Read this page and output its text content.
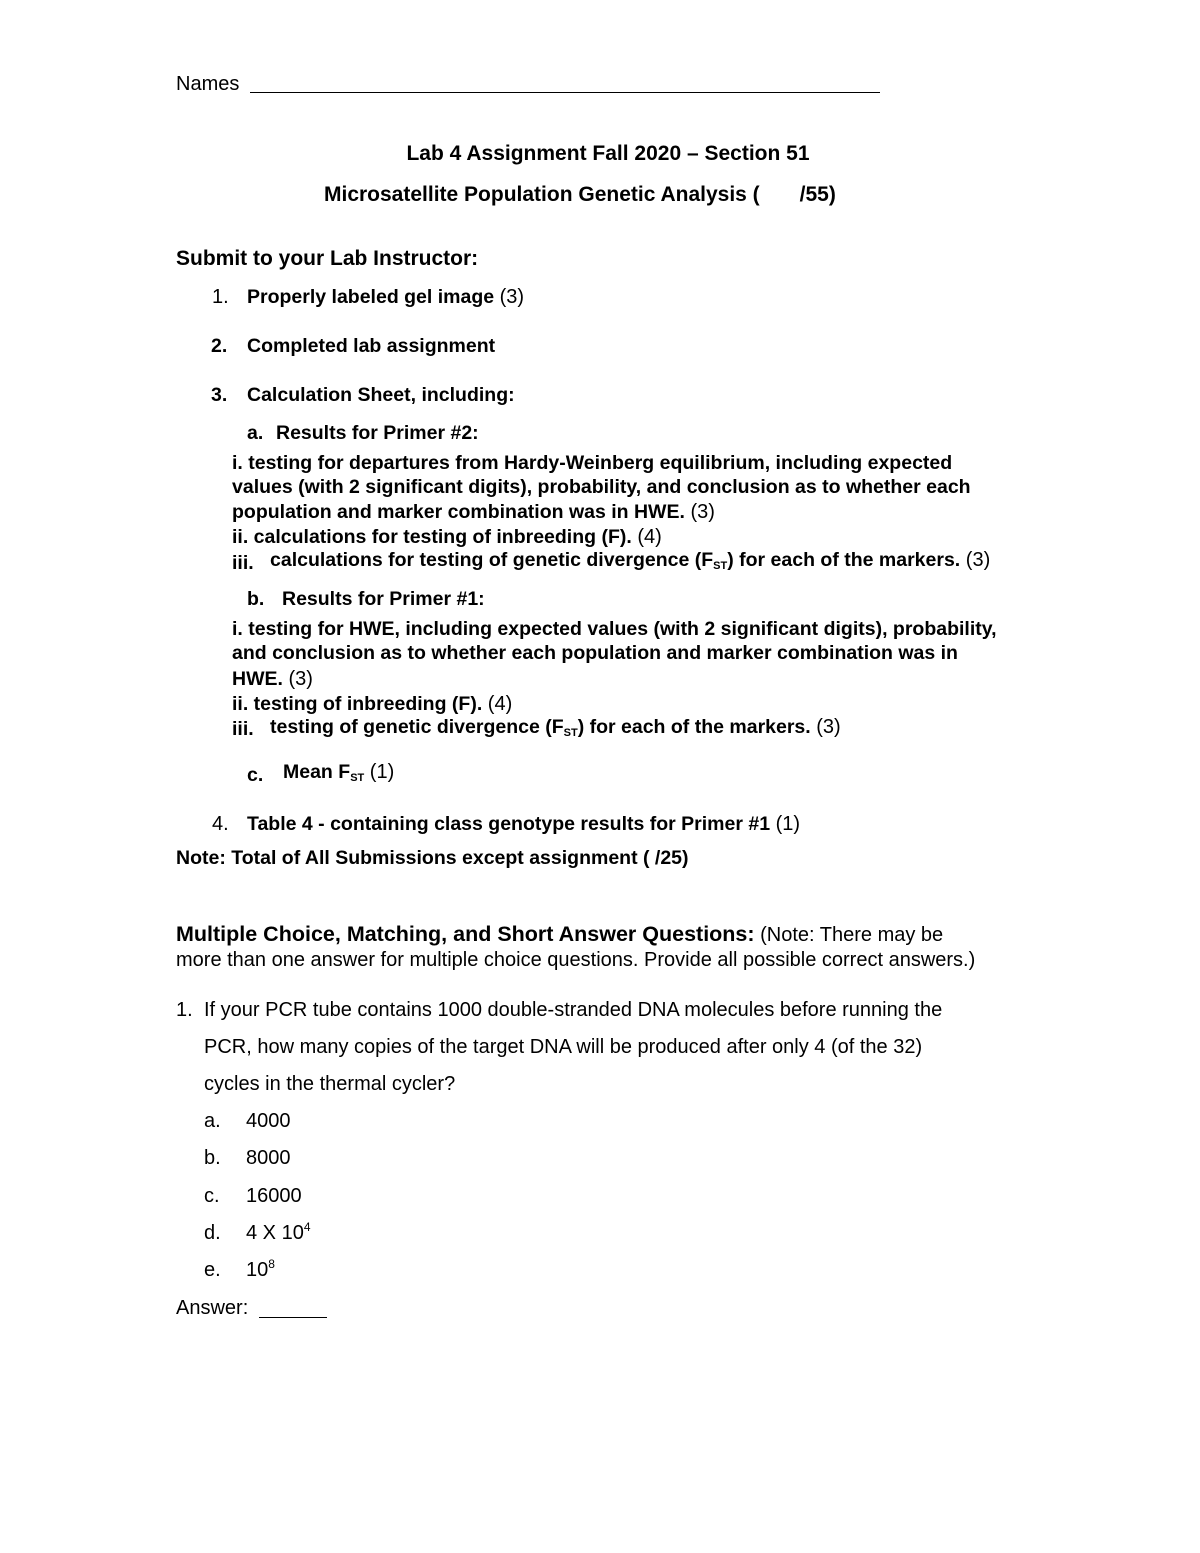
Names
Lab 4 Assignment Fall 2020 – Section 51
Microsatellite Population Genetic Analysis ( /55)
Submit to your Lab Instructor:
1. Properly labeled gel image (3)
2. Completed lab assignment
3. Calculation Sheet, including:
a. Results for Primer #2:
i. testing for departures from Hardy-Weinberg equilibrium, including expected
values (with 2 significant digits), probability, and conclusion as to whether each
population and marker combination was in HWE. (3)
ii. calculations for testing of inbreeding (F). (4)
iii. calculations for testing of genetic divergence (FST) for each of the markers. (3)
b. Results for Primer #1:
i. testing for HWE, including expected values (with 2 significant digits), probability,
and conclusion as to whether each population and marker combination was in
HWE. (3)
ii. testing of inbreeding (F). (4)
iii. testing of genetic divergence (FST) for each of the markers. (3)
c. Mean FST (1)
4. Table 4 - containing class genotype results for Primer #1 (1)
Note: Total of All Submissions except assignment ( /25)
Multiple Choice, Matching, and Short Answer Questions: (Note: There may be
more than one answer for multiple choice questions. Provide all possible correct answers.)
1. If your PCR tube contains 1000 double-stranded DNA molecules before running the
PCR, how many copies of the target DNA will be produced after only 4 (of the 32)
cycles in the thermal cycler?
a. 4000
b. 8000
c. 16000
d. 4 X $10^4$
e. $10^8$
Answer:
